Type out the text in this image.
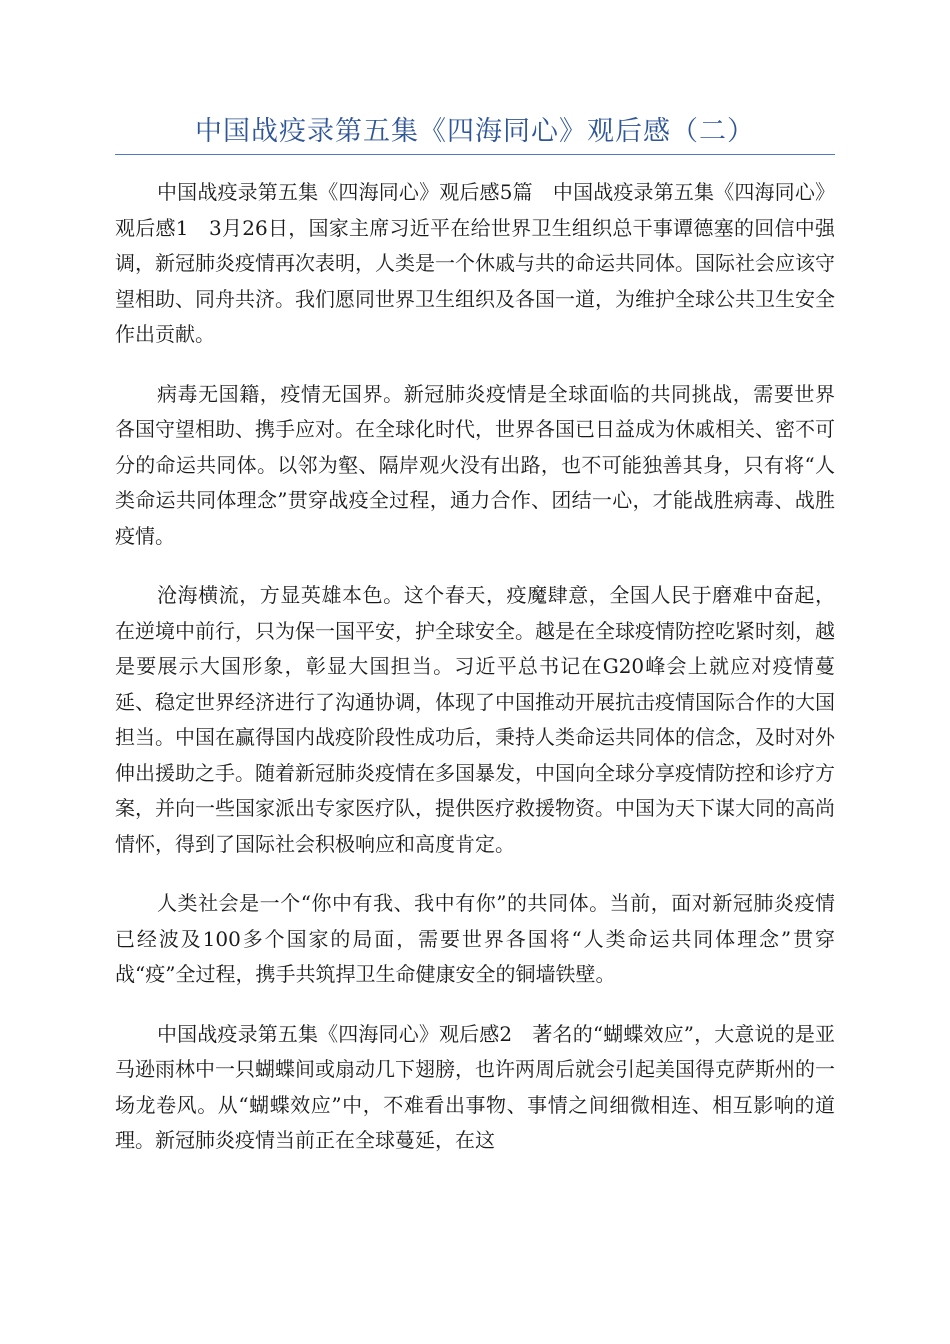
中国战疫录第五集《四海同心》观后感（二）

中国战疫录第五集《四海同心》观后感5篇　中国战疫录第五集《四海同心》观后感1　3月26日，国家主席习近平在给世界卫生组织总干事谭德塞的回信中强调，新冠肺炎疫情再次表明，人类是一个休戚与共的命运共同体。国际社会应该守望相助、同舟共济。我们愿同世界卫生组织及各国一道，为维护全球公共卫生安全作出贡献。

病毒无国籍，疫情无国界。新冠肺炎疫情是全球面临的共同挑战，需要世界各国守望相助、携手应对。在全球化时代，世界各国已日益成为休戚相关、密不可分的命运共同体。以邻为壑、隔岸观火没有出路，也不可能独善其身，只有将“人类命运共同体理念”贯穿战疫全过程，通力合作、团结一心，才能战胜病毒、战胜疫情。

沧海横流，方显英雄本色。这个春天，疫魔肆意，全国人民于磨难中奋起，在逆境中前行，只为保一国平安，护全球安全。越是在全球疫情防控吃紧时刻，越是要展示大国形象，彰显大国担当。习近平总书记在G20峰会上就应对疫情蔓延、稳定世界经济进行了沟通协调，体现了中国推动开展抗击疫情国际合作的大国担当。中国在赢得国内战疫阶段性成功后，秉持人类命运共同体的信念，及时对外伸出援助之手。随着新冠肺炎疫情在多国暴发，中国向全球分享疫情防控和诊疗方案，并向一些国家派出专家医疗队，提供医疗救援物资。中国为天下谋大同的高尚情怀，得到了国际社会积极响应和高度肯定。

人类社会是一个“你中有我、我中有你”的共同体。当前，面对新冠肺炎疫情已经波及100多个国家的局面，需要世界各国将“人类命运共同体理念”贯穿战“疫”全过程，携手共筑捍卫生命健康安全的铜墙铁壁。

中国战疫录第五集《四海同心》观后感2　著名的“蝴蝶效应”，大意说的是亚马逊雨林中一只蝴蝶间或扇动几下翅膀，也许两周后就会引起美国得克萨斯州的一场龙卷风。从“蝴蝶效应”中，不难看出事物、事情之间细微相连、相互影响的道理。新冠肺炎疫情当前正在全球蔓延，在这
